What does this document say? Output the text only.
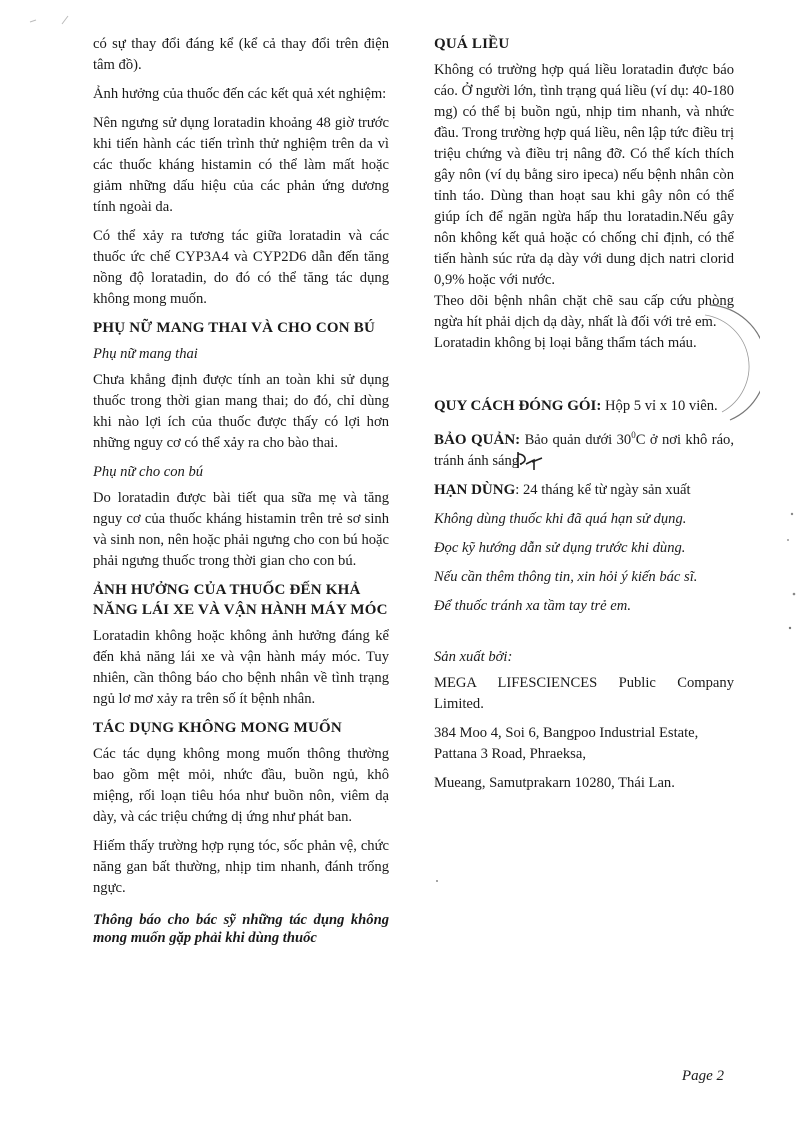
có sự thay đổi đáng kể (kể cả thay đổi trên điện tâm đồ).

Ảnh hưởng của thuốc đến các kết quả xét nghiệm:

Nên ngưng sử dụng loratadin khoảng 48 giờ trước khi tiến hành các tiến trình thử nghiệm trên da vì các thuốc kháng histamin có thể làm mất hoặc giảm những dấu hiệu của các phản ứng dương tính ngoài da.

Có thể xảy ra tương tác giữa loratadin và các thuốc ức chế CYP3A4 và CYP2D6 dẫn đến tăng nồng độ loratadin, do đó có thể tăng tác dụng không mong muốn.

PHỤ NỮ MANG THAI VÀ CHO CON BÚ

Phụ nữ mang thai

Chưa khẳng định được tính an toàn khi sử dụng thuốc trong thời gian mang thai; do đó, chỉ dùng khi nào lợi ích của thuốc được thấy có lợi hơn những nguy cơ có thể xảy ra cho bào thai.

Phụ nữ cho con bú

Do loratadin được bài tiết qua sữa mẹ và tăng nguy cơ của thuốc kháng histamin trên trẻ sơ sinh và sinh non, nên hoặc phải ngưng cho con bú hoặc phải ngưng thuốc trong thời gian cho con bú.

ẢNH HƯỞNG CỦA THUỐC ĐẾN KHẢ NĂNG LÁI XE VÀ VẬN HÀNH MÁY MÓC

Loratadin không hoặc không ảnh hưởng đáng kể đến khả năng lái xe và vận hành máy móc. Tuy nhiên, cần thông báo cho bệnh nhân về tình trạng ngủ lơ mơ xảy ra trên số ít bệnh nhân.

TÁC DỤNG KHÔNG MONG MUỐN

Các tác dụng không mong muốn thông thường bao gồm mệt mỏi, nhức đầu, buồn ngủ, khô miệng, rối loạn tiêu hóa như buồn nôn, viêm dạ dày, và các triệu chứng dị ứng như phát ban.

Hiếm thấy trường hợp rụng tóc, sốc phản vệ, chức năng gan bất thường, nhịp tim nhanh, đánh trống ngực.

Thông báo cho bác sỹ những tác dụng không mong muốn gặp phải khi dùng thuốc

QUÁ LIỀU

Không có trường hợp quá liều loratadin được báo cáo. Ở người lớn, tình trạng quá liều (ví dụ: 40-180 mg) có thể bị buồn ngủ, nhịp tim nhanh, và nhức đầu. Trong trường hợp quá liều, nên lập tức điều trị triệu chứng và điều trị nâng đỡ. Có thể kích thích gây nôn (ví dụ bằng siro ipeca) nếu bệnh nhân còn tỉnh táo. Dùng than hoạt sau khi gây nôn có thể giúp ích để ngăn ngừa hấp thu loratadin.Nếu gây nôn không kết quả hoặc có chống chỉ định, có thể tiến hành súc rửa dạ dày với dung dịch natri clorid 0,9% hoặc với nước.

Theo dõi bệnh nhân chặt chẽ sau cấp cứu phòng ngừa hít phải dịch dạ dày, nhất là đối với trẻ em.

Loratadin không bị loại bằng thẩm tách máu.

QUY CÁCH ĐÓNG GÓI: Hộp 5 vỉ x 10 viên.

BẢO QUẢN: Bảo quản dưới $30^0C$ ở nơi khô ráo, tránh ánh sáng.

HẠN DÙNG: 24 tháng kể từ ngày sản xuất

Không dùng thuốc khi đã quá hạn sử dụng.

Đọc kỹ hướng dẫn sử dụng trước khi dùng.

Nếu cần thêm thông tin, xin hỏi ý kiến bác sĩ.

Để thuốc tránh xa tầm tay trẻ em.

Sản xuất bởi:

MEGA LIFESCIENCES Public Company Limited.

384 Moo 4, Soi 6, Bangpoo Industrial Estate, Pattana 3 Road, Phraeksa,

Mueang, Samutprakarn 10280, Thái Lan.

Page 2
